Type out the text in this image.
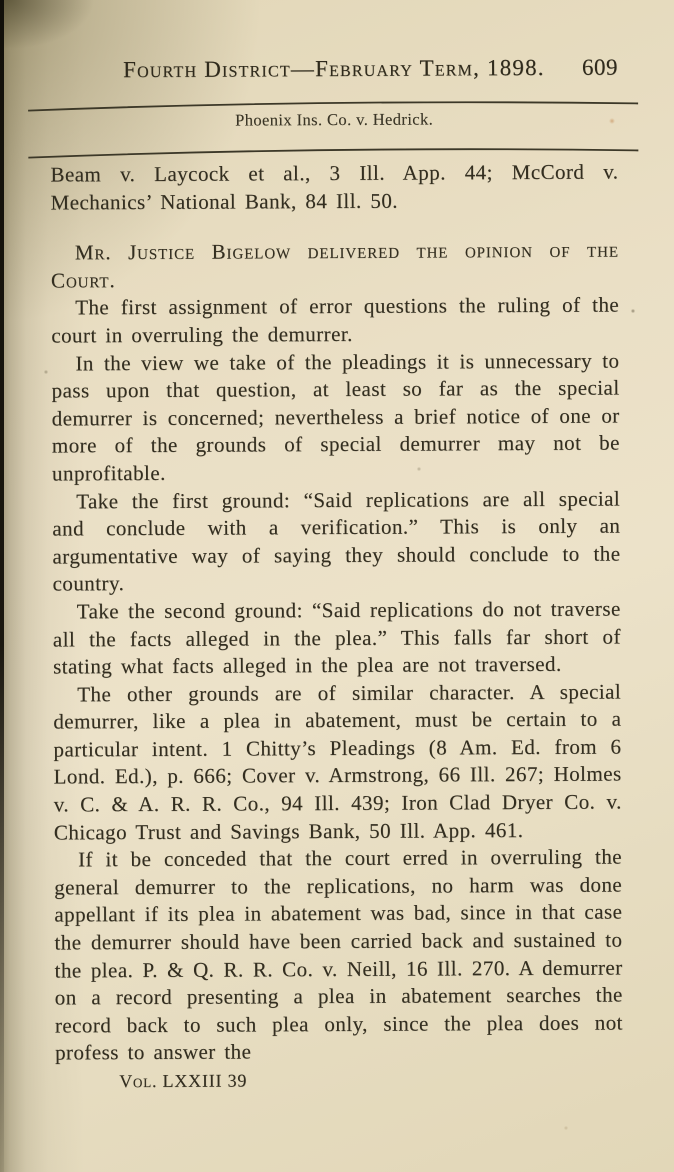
Fourth District—February Term, 1898. 609
Phoenix Ins. Co. v. Hedrick.

Beam v. Laycock et al., 3 Ill. App. 44; McCord v. Mechanics’ National Bank, 84 Ill. 50.

Mr. Justice Bigelow delivered the opinion of the Court.

The first assignment of error questions the ruling of the court in overruling the demurrer.

In the view we take of the pleadings it is unnecessary to pass upon that question, at least so far as the special demurrer is concerned; nevertheless a brief notice of one or more of the grounds of special demurrer may not be unprofitable.

Take the first ground: “Said replications are all special and conclude with a verification.” This is only an argumentative way of saying they should conclude to the country.

Take the second ground: “Said replications do not traverse all the facts alleged in the plea.” This falls far short of stating what facts alleged in the plea are not traversed.

The other grounds are of similar character. A special demurrer, like a plea in abatement, must be certain to a particular intent. 1 Chitty’s Pleadings (8 Am. Ed. from 6 Lond. Ed.), p. 666; Cover v. Armstrong, 66 Ill. 267; Holmes v. C. & A. R. R. Co., 94 Ill. 439; Iron Clad Dryer Co. v. Chicago Trust and Savings Bank, 50 Ill. App. 461.

If it be conceded that the court erred in overruling the general demurrer to the replications, no harm was done appellant if its plea in abatement was bad, since in that case the demurrer should have been carried back and sustained to the plea. P. & Q. R. R. Co. v. Neill, 16 Ill. 270. A demurrer on a record presenting a plea in abatement searches the record back to such plea only, since the plea does not profess to answer the

Vol. LXXIII 39
